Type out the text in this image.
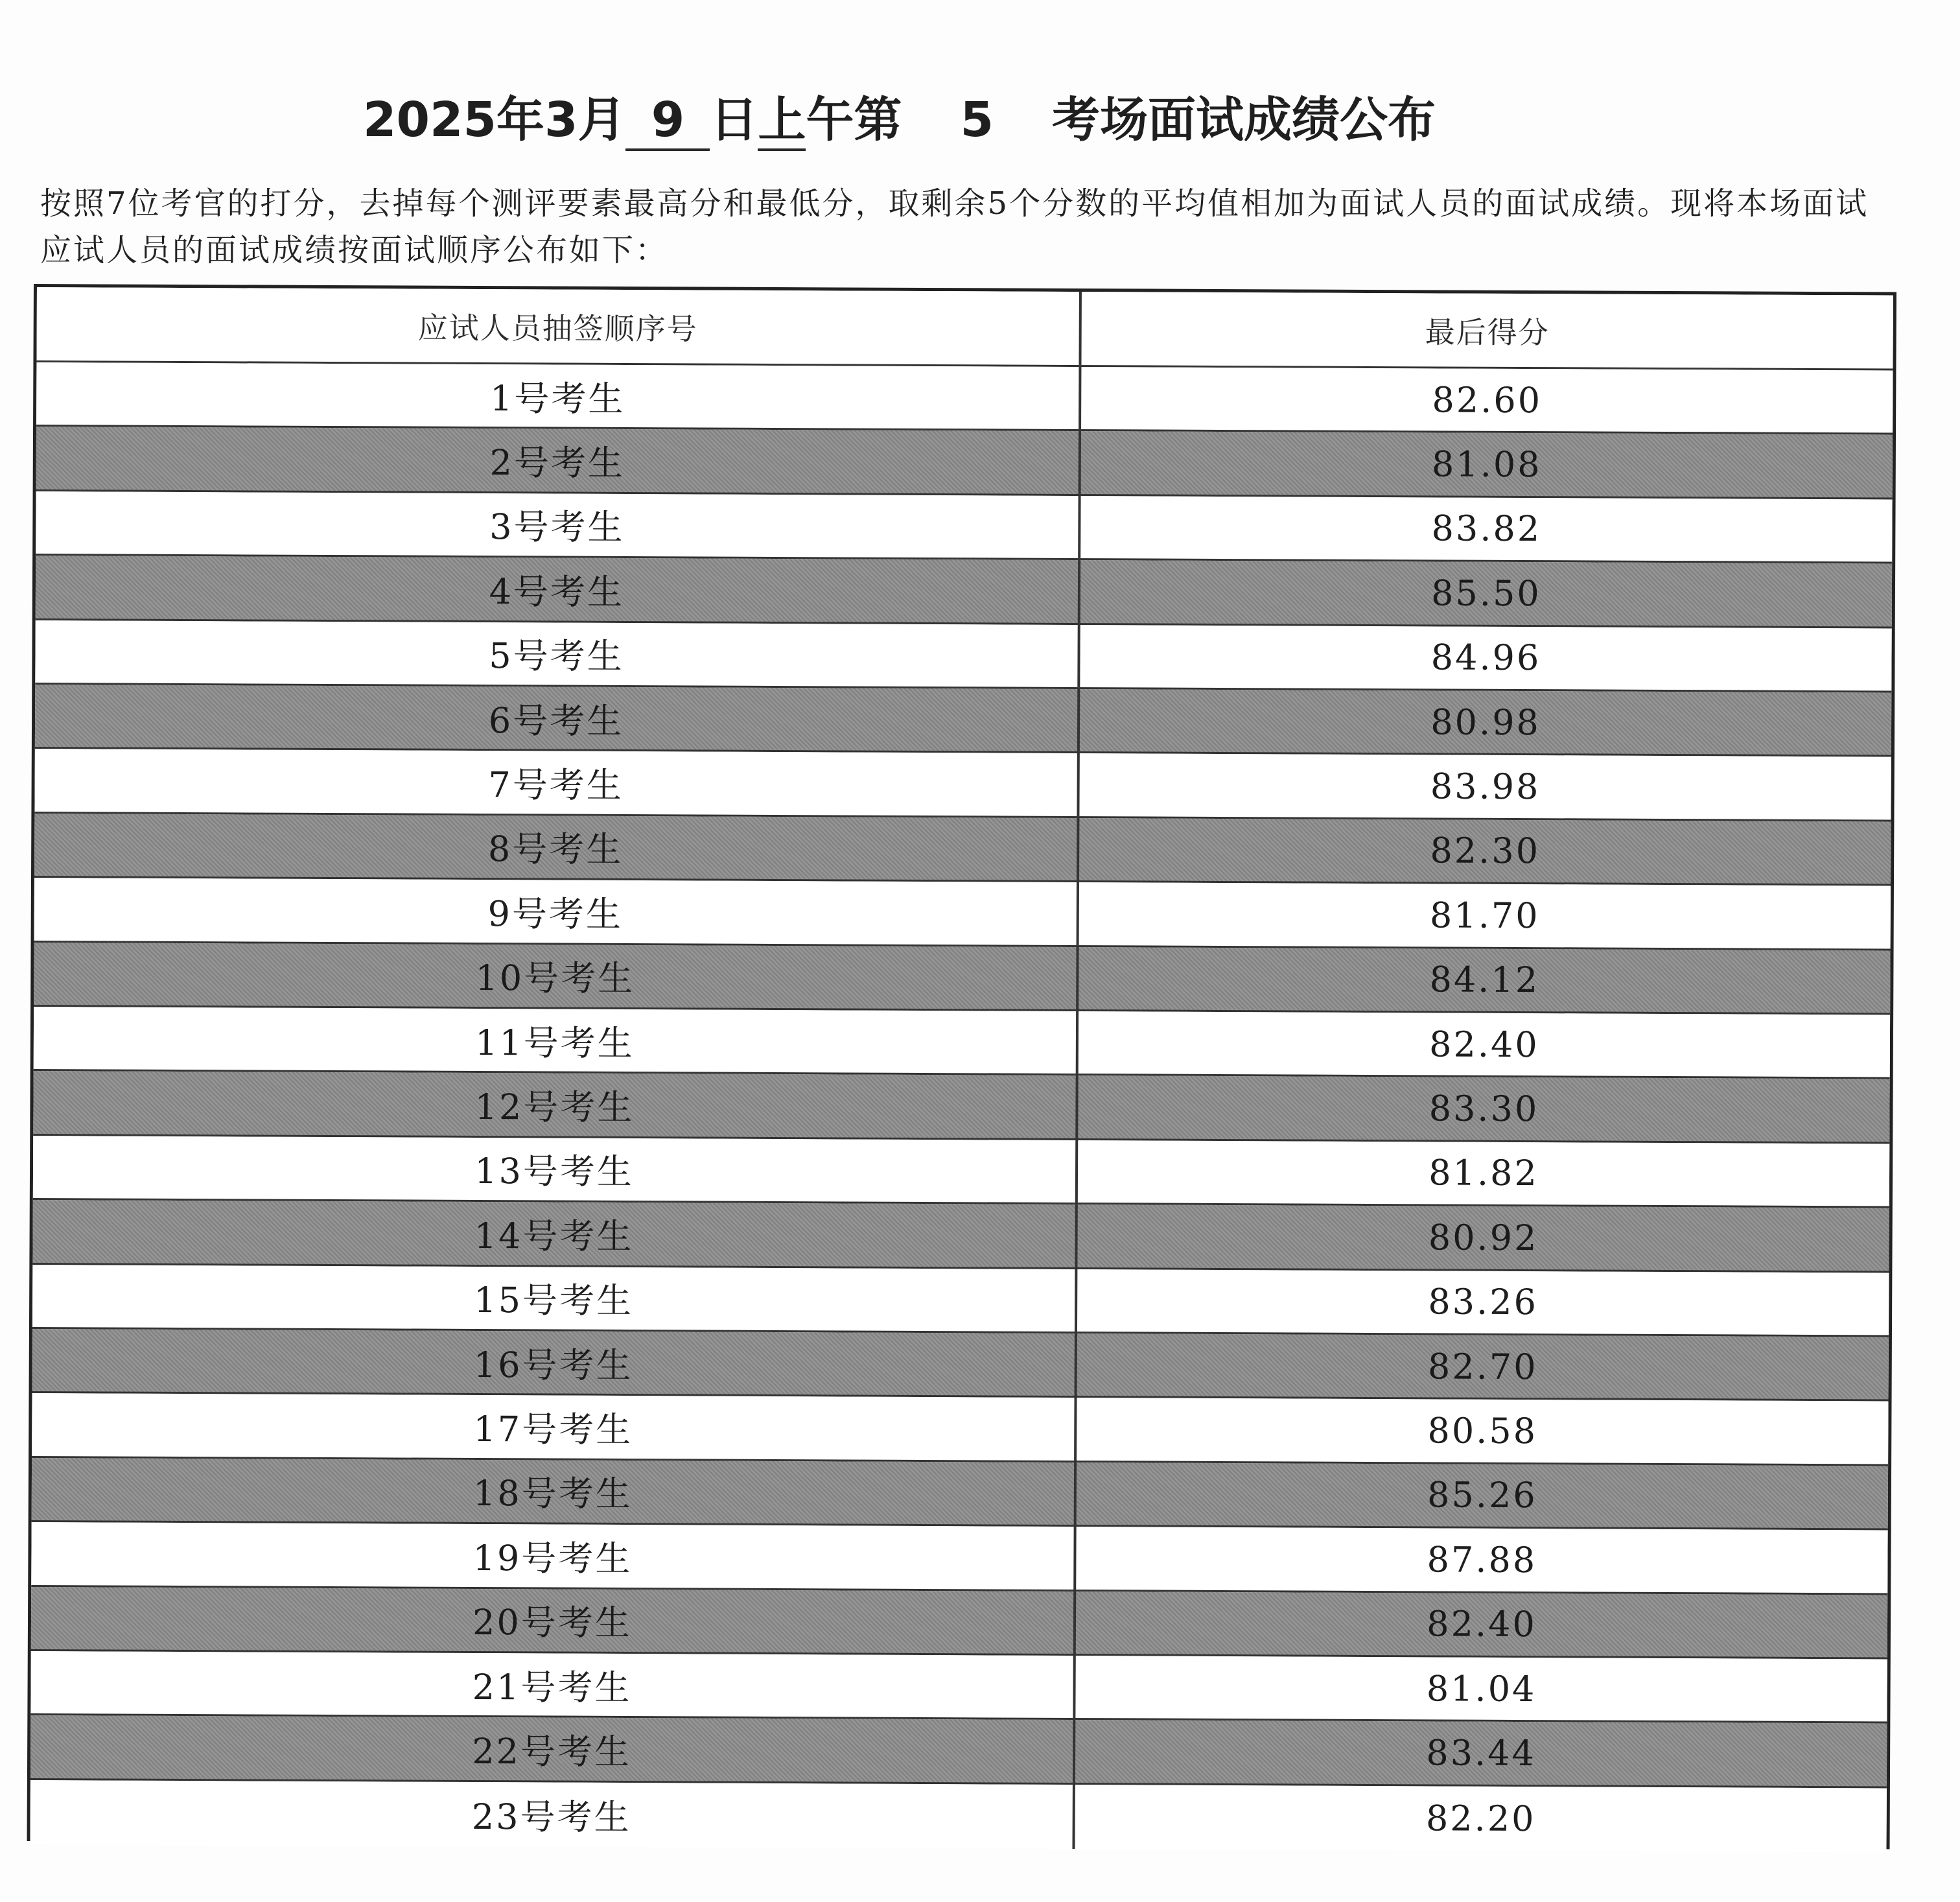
2025年3月 9 日上午第 5 考场面试成绩公布
按照7位考官的打分，去掉每个测评要素最高分和最低分，取剩余5个分数的平均值相加为面试人员的面试成绩。现将本场面试应试人员的面试成绩按面试顺序公布如下：
应试人员抽签顺序号	最后得分
1号考生	82.60
2号考生	81.08
3号考生	83.82
4号考生	85.50
5号考生	84.96
6号考生	80.98
7号考生	83.98
8号考生	82.30
9号考生	81.70
10号考生	84.12
11号考生	82.40
12号考生	83.30
13号考生	81.82
14号考生	80.92
15号考生	83.26
16号考生	82.70
17号考生	80.58
18号考生	85.26
19号考生	87.88
20号考生	82.40
21号考生	81.04
22号考生	83.44
23号考生	82.20
